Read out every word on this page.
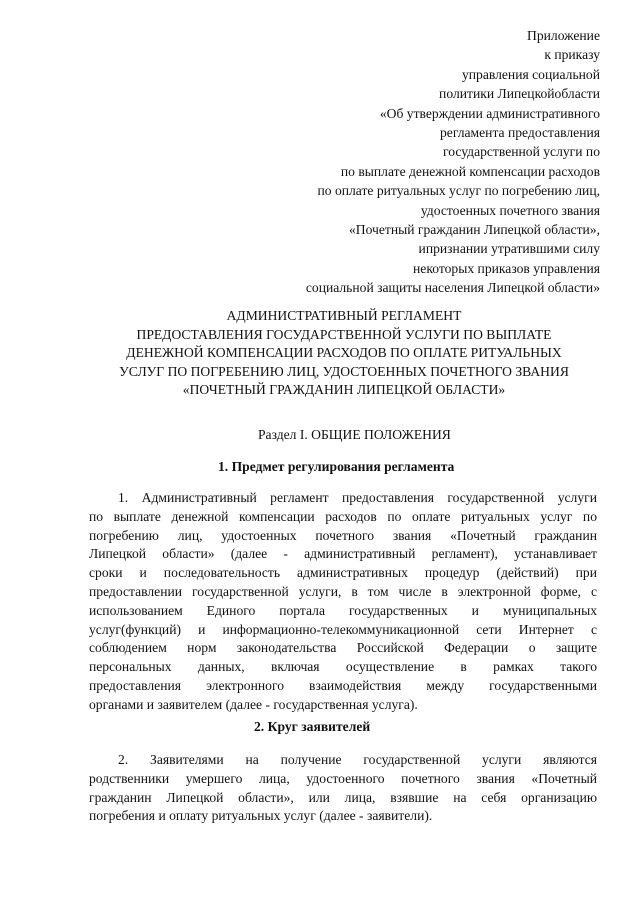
Приложение
к приказу
управления социальной
политики Липецкойобласти
«Об утверждении административного
регламента предоставления
государственной услуги по
по выплате денежной компенсации расходов
по оплате ритуальных услуг по погребению лиц,
удостоенных почетного звания
«Почетный гражданин Липецкой области»,
ипризнании утратившими силу
некоторых приказов управления
социальной защиты населения Липецкой области»
АДМИНИСТРАТИВНЫЙ РЕГЛАМЕНТ
ПРЕДОСТАВЛЕНИЯ ГОСУДАРСТВЕННОЙ УСЛУГИ ПО ВЫПЛАТЕ
ДЕНЕЖНОЙ КОМПЕНСАЦИИ РАСХОДОВ ПО ОПЛАТЕ РИТУАЛЬНЫХ
УСЛУГ ПО ПОГРЕБЕНИЮ ЛИЦ, УДОСТОЕННЫХ ПОЧЕТНОГО ЗВАНИЯ
«ПОЧЕТНЫЙ ГРАЖДАНИН ЛИПЕЦКОЙ ОБЛАСТИ»
Раздел I. ОБЩИЕ ПОЛОЖЕНИЯ
1. Предмет регулирования регламента
1. Административный регламент предоставления государственной услуги
по выплате денежной компенсации расходов по оплате ритуальных услуг по
погребению лиц, удостоенных почетного звания «Почетный гражданин
Липецкой области» (далее - административный регламент), устанавливает
сроки и последовательность административных процедур (действий) при
предоставлении государственной услуги, в том числе в электронной форме, с
использованием Единого портала государственных и муниципальных
услуг(функций) и информационно-телекоммуникационной сети Интернет с
соблюдением норм законодательства Российской Федерации о защите
персональных данных, включая осуществление в рамках такого
предоставления электронного взаимодействия между государственными
органами и заявителем (далее - государственная услуга).
2. Круг заявителей
2. Заявителями на получение государственной услуги являются
родственники умершего лица, удостоенного почетного звания «Почетный
гражданин Липецкой области», или лица, взявшие на себя организацию
погребения и оплату ритуальных услуг (далее - заявители).
